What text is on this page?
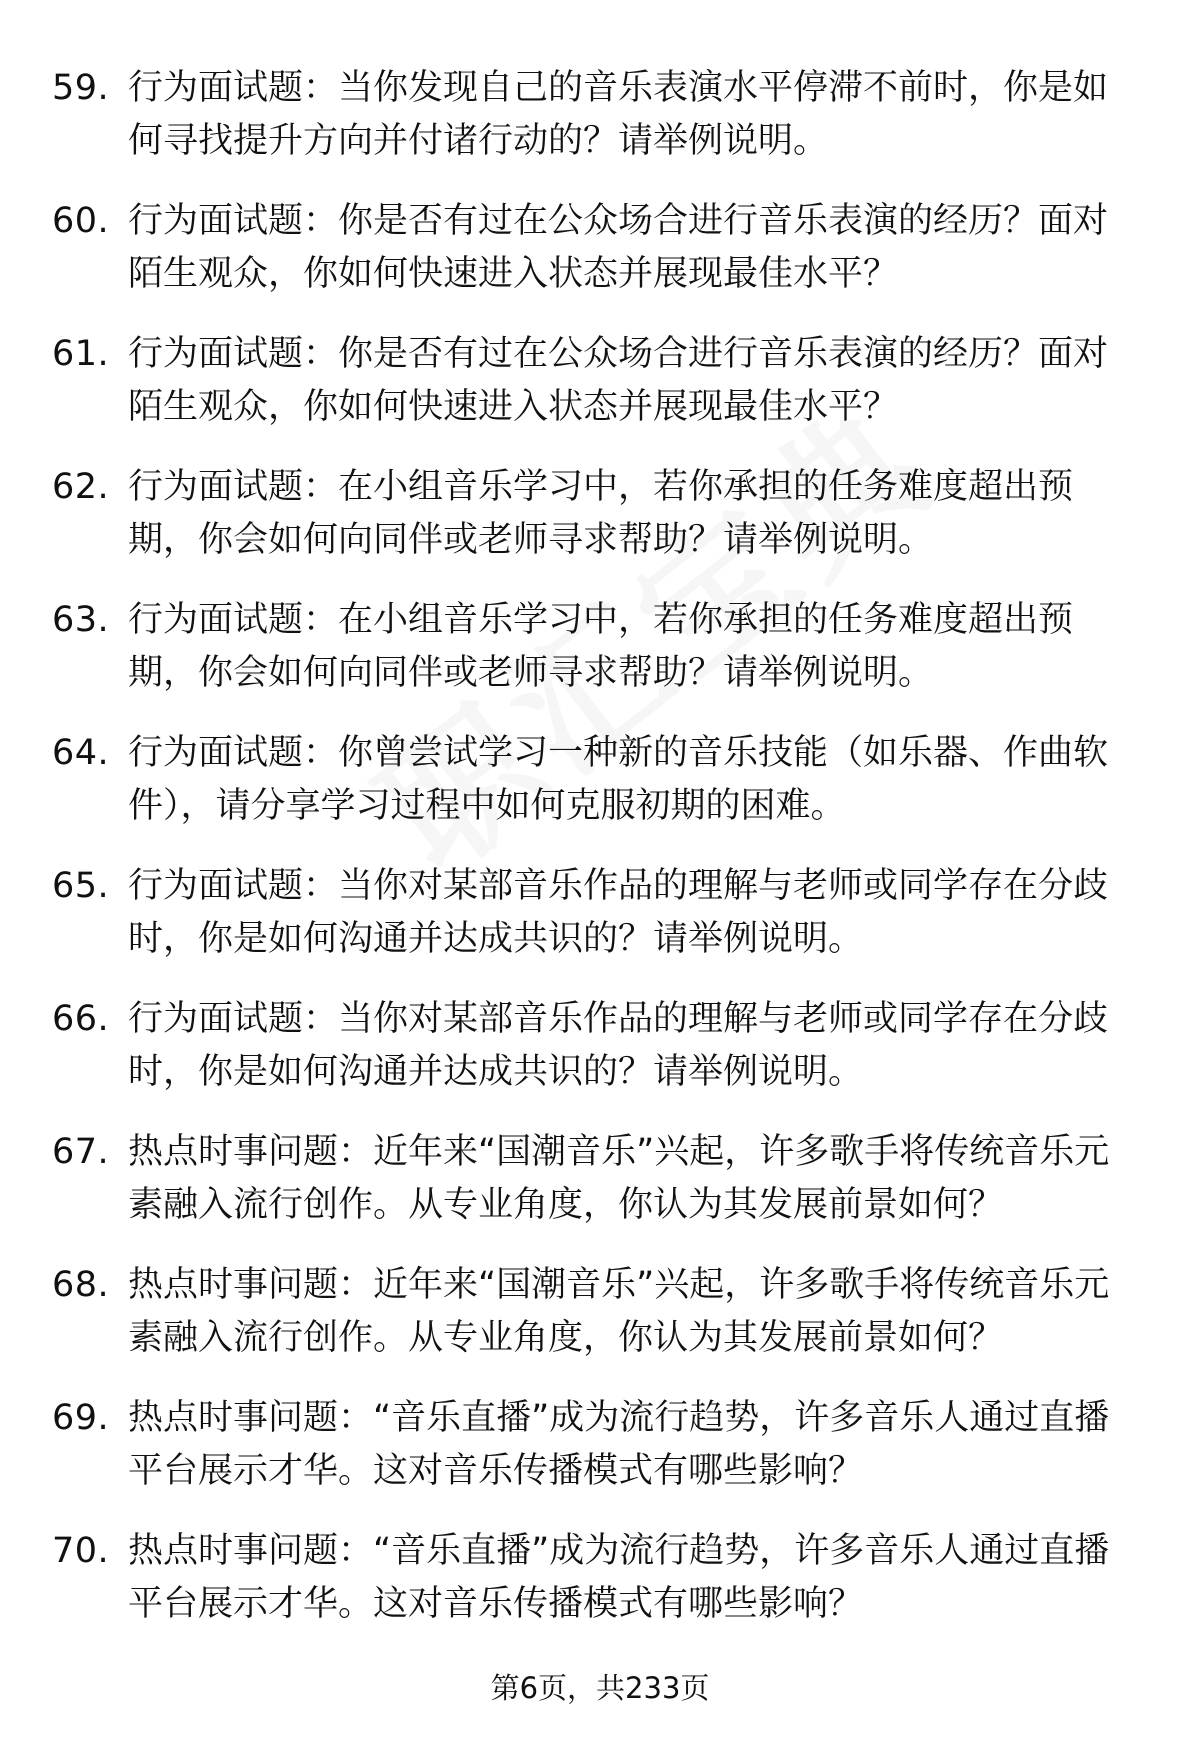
59. 行为面试题：当你发现自己的音乐表演水平停滞不前时，你是如何寻找提升方向并付诸行动的？请举例说明。
60. 行为面试题：你是否有过在公众场合进行音乐表演的经历？面对陌生观众，你如何快速进入状态并展现最佳水平？
61. 行为面试题：你是否有过在公众场合进行音乐表演的经历？面对陌生观众，你如何快速进入状态并展现最佳水平？
62. 行为面试题：在小组音乐学习中，若你承担的任务难度超出预期，你会如何向同伴或老师寻求帮助？请举例说明。
63. 行为面试题：在小组音乐学习中，若你承担的任务难度超出预期，你会如何向同伴或老师寻求帮助？请举例说明。
64. 行为面试题：你曾尝试学习一种新的音乐技能（如乐器、作曲软件），请分享学习过程中如何克服初期的困难。
65. 行为面试题：当你对某部音乐作品的理解与老师或同学存在分歧时，你是如何沟通并达成共识的？请举例说明。
66. 行为面试题：当你对某部音乐作品的理解与老师或同学存在分歧时，你是如何沟通并达成共识的？请举例说明。
67. 热点时事问题：近年来“国潮音乐”兴起，许多歌手将传统音乐元素融入流行创作。从专业角度，你认为其发展前景如何？
68. 热点时事问题：近年来“国潮音乐”兴起，许多歌手将传统音乐元素融入流行创作。从专业角度，你认为其发展前景如何？
69. 热点时事问题：“音乐直播”成为流行趋势，许多音乐人通过直播平台展示才华。这对音乐传播模式有哪些影响？
70. 热点时事问题：“音乐直播”成为流行趋势，许多音乐人通过直播平台展示才华。这对音乐传播模式有哪些影响？
第6页，共233页
